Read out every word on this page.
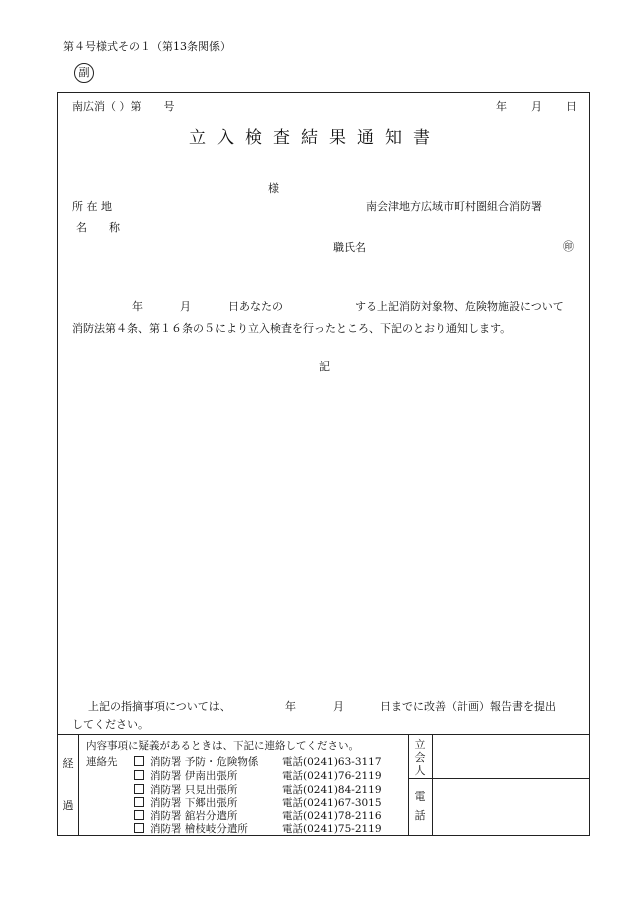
第４号様式その１（第13条関係）
副
南広消（ ）第　　号	年 月 日
立入検査結果通知書
様
所 在 地	南会津地方広域市町村圏組合消防署
名　　称
職氏名	㊞
年	月	日あなたの	する上記消防対象物、危険物施設について
消防法第４条、第１６条の５により立入検査を行ったところ、下記のとおり通知します。
記
上記の指摘事項については、	年	月	日までに改善（計画）報告書を提出
してください。
経
過
内容事項に疑義があるときは、下記に連絡してください。
連絡先	消防署 予防・危険物係 電話(0241)63-3117
消防署 伊南出張所	電話(0241)76-2119
消防署 只見出張所	電話(0241)84-2119
消防署 下郷出張所	電話(0241)67-3015
消防署 舘岩分遣所	電話(0241)78-2116
消防署 檜枝岐分遣所	電話(0241)75-2119
立
会
人
電
話
